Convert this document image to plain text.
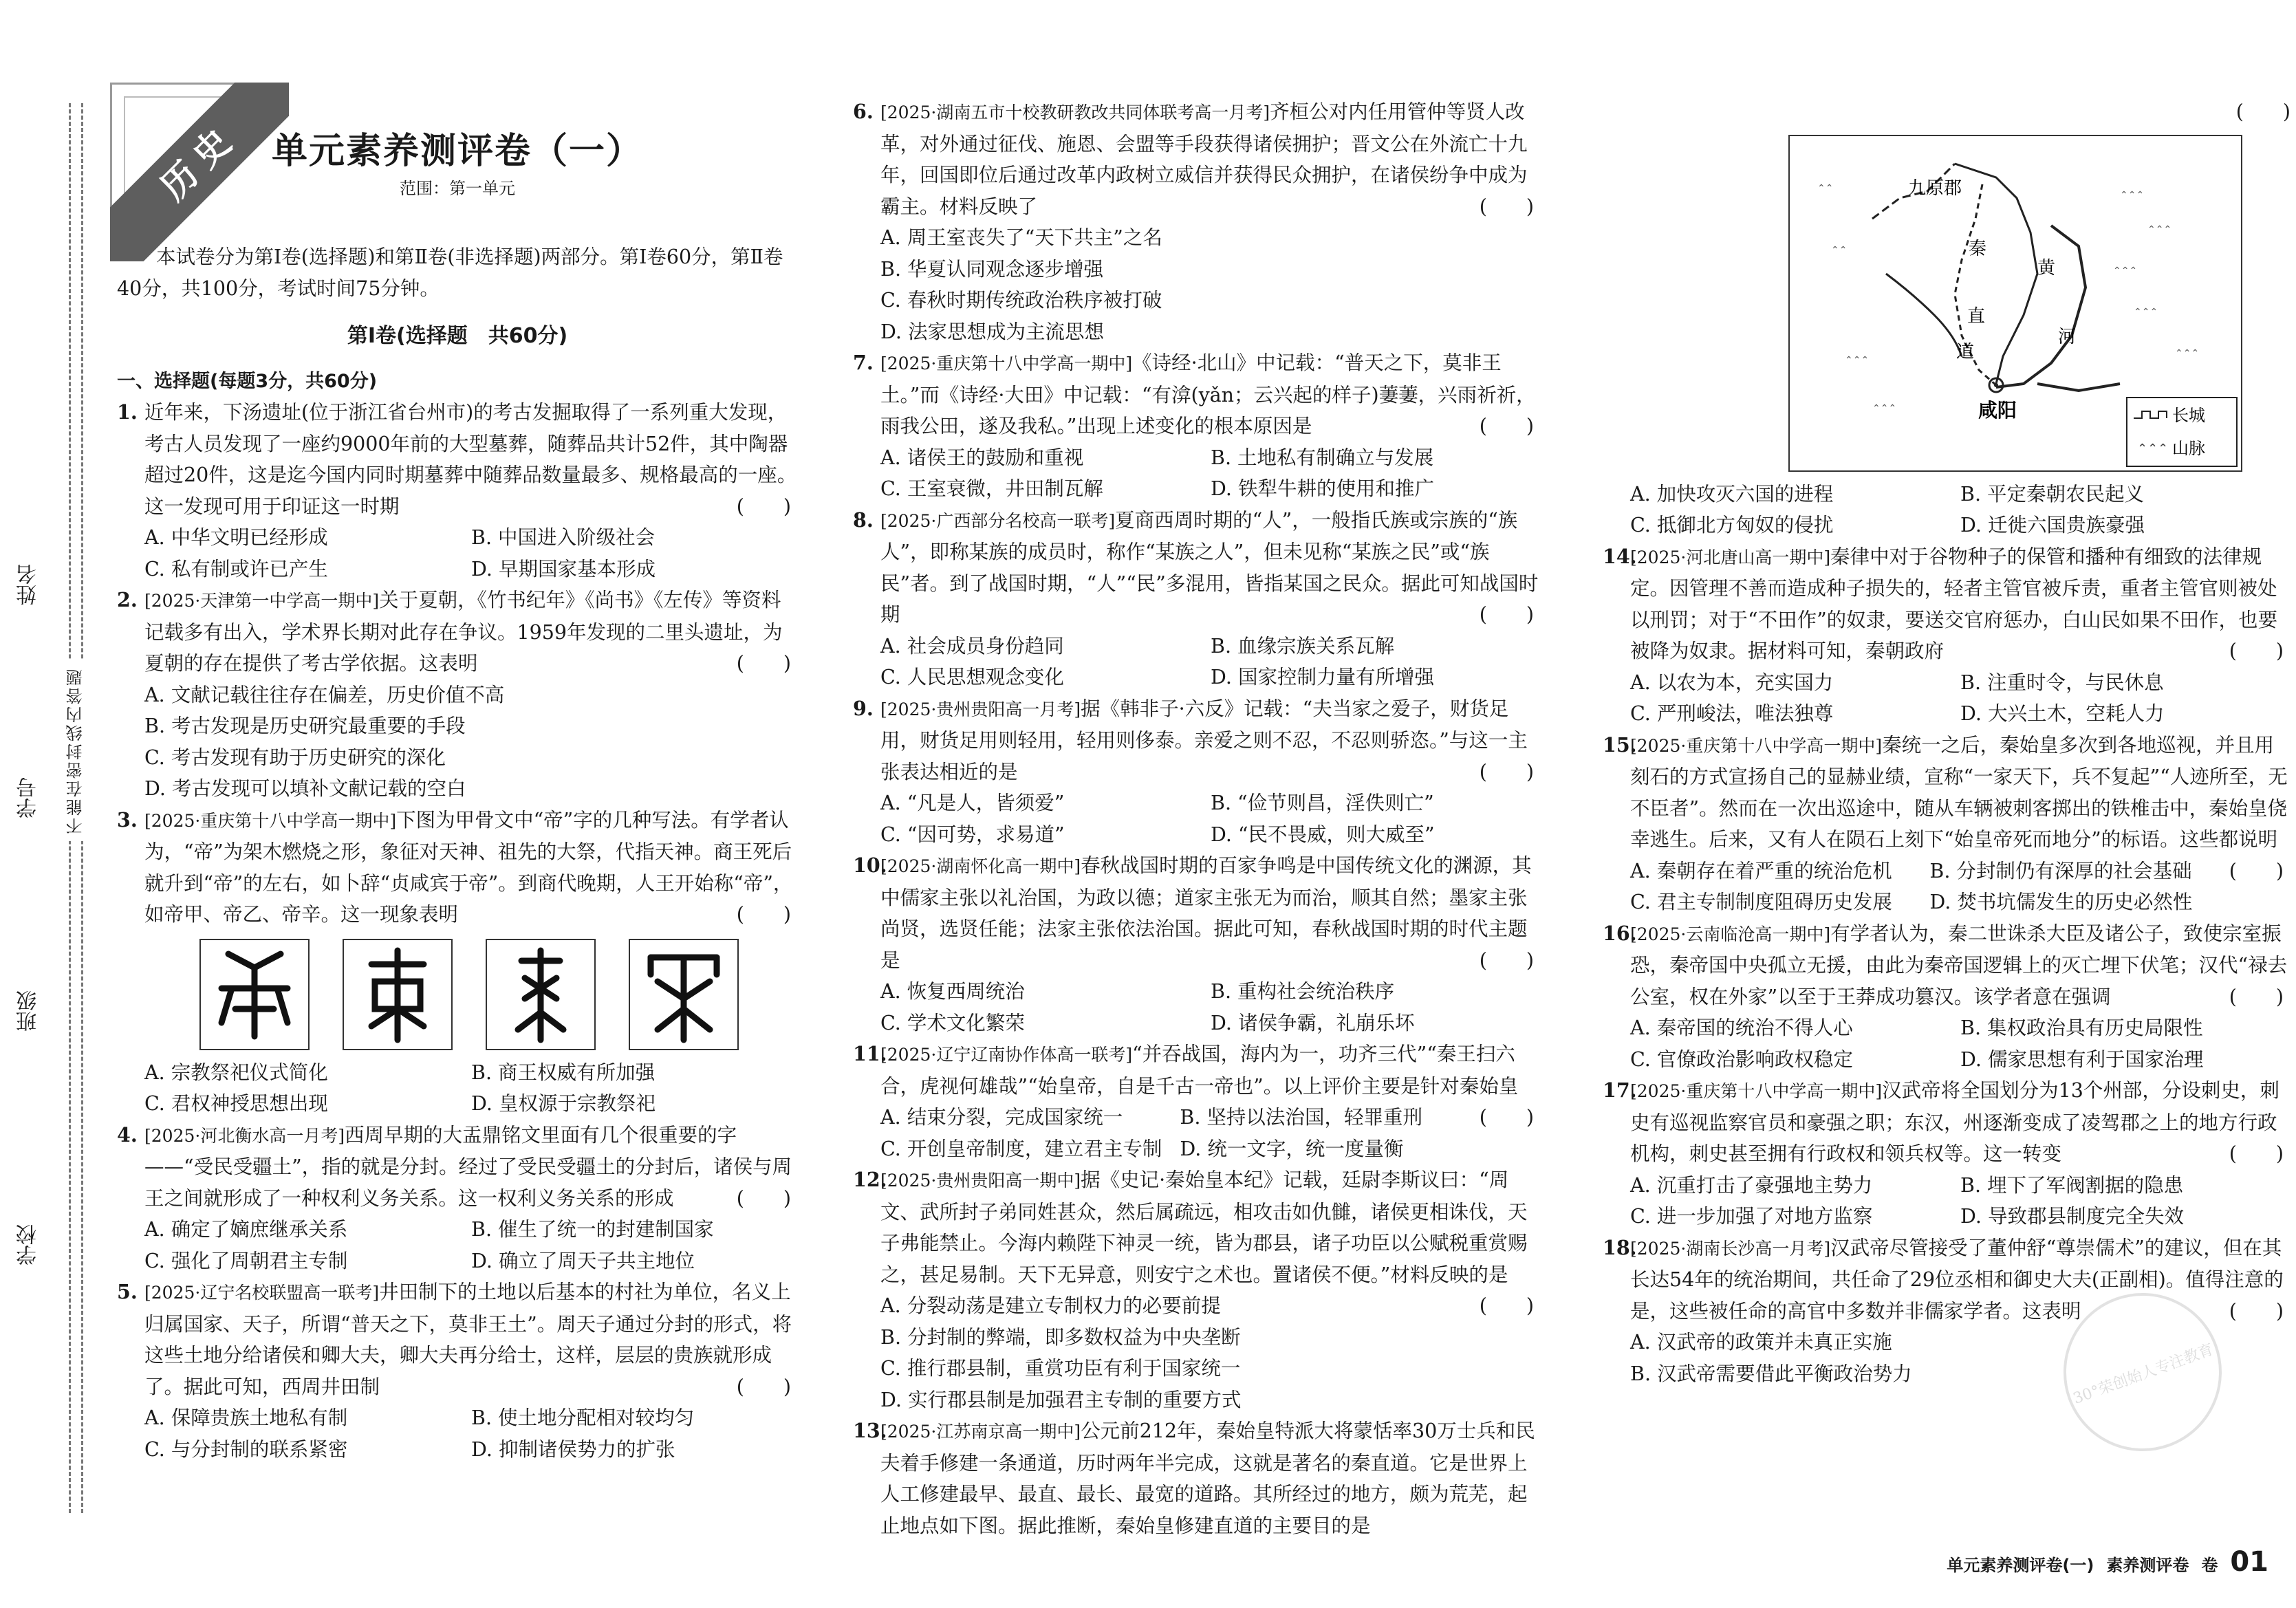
姓名
学号
班级
学校
不能在密封线内答题
历史 单元素养测评卷（一）
范围：第一单元
本试卷分为第Ⅰ卷(选择题)和第Ⅱ卷(非选择题)两部分。第Ⅰ卷60分，第Ⅱ卷40分，共100分，考试时间75分钟。
第Ⅰ卷(选择题　共60分)
一、选择题(每题3分，共60分)
1. 近年来，下汤遗址(位于浙江省台州市)的考古发掘取得了一系列重大发现，考古人员发现了一座约9000年前的大型墓葬，随葬品共计52件，其中陶器超过20件，这是迄今国内同时期墓葬中随葬品数量最多、规格最高的一座。这一发现可用于印证这一时期	(　　)
A. 中华文明已经形成	B. 中国进入阶级社会
C. 私有制或许已产生	D. 早期国家基本形成
2. [2025·天津第一中学高一期中]关于夏朝，《竹书纪年》《尚书》《左传》等资料记载多有出入，学术界长期对此存在争议。1959年发现的二里头遗址，为夏朝的存在提供了考古学依据。这表明	(　　)
A. 文献记载往往存在偏差，历史价值不高
B. 考古发现是历史研究最重要的手段
C. 考古发现有助于历史研究的深化
D. 考古发现可以填补文献记载的空白
3. [2025·重庆第十八中学高一期中]下图为甲骨文中“帝”字的几种写法。有学者认为，“帝”为架木燃烧之形，象征对天神、祖先的大祭，代指天神。商王死后就升到“帝”的左右，如卜辞“贞咸宾于帝”。到商代晚期，人王开始称“帝”，如帝甲、帝乙、帝辛。这一现象表明	(　　)
A. 宗教祭祀仪式简化	B. 商王权威有所加强
C. 君权神授思想出现	D. 皇权源于宗教祭祀
4. [2025·河北衡水高一月考]西周早期的大盂鼎铭文里面有几个很重要的字——“受民受疆土”，指的就是分封。经过了受民受疆土的分封后，诸侯与周王之间就形成了一种权利义务关系。这一权利义务关系的形成	(　　)
A. 确定了嫡庶继承关系	B. 催生了统一的封建制国家
C. 强化了周朝君主专制	D. 确立了周天子共主地位
5. [2025·辽宁名校联盟高一联考]井田制下的土地以后基本的村社为单位，名义上归属国家、天子，所谓“普天之下，莫非王土”。周天子通过分封的形式，将这些土地分给诸侯和卿大夫，卿大夫再分给士，这样，层层的贵族就形成了。据此可知，西周井田制	(　　)
A. 保障贵族土地私有制	B. 使土地分配相对较均匀
C. 与分封制的联系紧密	D. 抑制诸侯势力的扩张
6. [2025·湖南五市十校教研教改共同体联考高一月考]齐桓公对内任用管仲等贤人改革，对外通过征伐、施恩、会盟等手段获得诸侯拥护；晋文公在外流亡十九年，回国即位后通过改革内政树立威信并获得民众拥护，在诸侯纷争中成为霸主。材料反映了	(　　)
A. 周王室丧失了“天下共主”之名
B. 华夏认同观念逐步增强
C. 春秋时期传统政治秩序被打破
D. 法家思想成为主流思想
7. [2025·重庆第十八中学高一期中]《诗经·北山》中记载：“普天之下，莫非王土。”而《诗经·大田》中记载：“有渰(yǎn；云兴起的样子)萋萋，兴雨祈祈，雨我公田，遂及我私。”出现上述变化的根本原因是	(　　)
A. 诸侯王的鼓励和重视	B. 土地私有制确立与发展
C. 王室衰微，井田制瓦解	D. 铁犁牛耕的使用和推广
8. [2025·广西部分名校高一联考]夏商西周时期的“人”，一般指氏族或宗族的“族人”，即称某族的成员时，称作“某族之人”，但未见称“某族之民”或“族民”者。到了战国时期，“人”“民”多混用，皆指某国之民众。据此可知战国时期	(　　)
A. 社会成员身份趋同	B. 血缘宗族关系瓦解
C. 人民思想观念变化	D. 国家控制力量有所增强
9. [2025·贵州贵阳高一月考]据《韩非子·六反》记载：“夫当家之爱子，财货足用，财货足用则轻用，轻用则侈泰。亲爱之则不忍，不忍则骄恣。”与这一主张表达相近的是	(　　)
A. “凡是人，皆须爱”	B. “俭节则昌，淫佚则亡”
C. “因可势，求易道”	D. “民不畏威，则大威至”
10.
[2025·湖南怀化高一期中]春秋战国时期的百家争鸣是中国传统文化的渊源，其中儒家主张以礼治国，为政以德；道家主张无为而治，顺其自然；墨家主张尚贤，选贤任能；法家主张依法治国。据此可知，春秋战国时期的时代主题是	(　　)
A. 恢复西周统治	B. 重构社会统治秩序
C. 学术文化繁荣	D. 诸侯争霸，礼崩乐坏
11.
[2025·辽宁辽南协作体高一联考]“并吞战国，海内为一，功齐三代”“秦王扫六合，虎视何雄哉”“始皇帝，自是千古一帝也”。以上评价主要是针对秦始皇
(　　)
A. 结束分裂，完成国家统一	B. 坚持以法治国，轻罪重刑
C. 开创皇帝制度，建立君主专制 D. 统一文字，统一度量衡
12.
[2025·贵州贵阳高一期中]据《史记·秦始皇本纪》记载，廷尉李斯议曰：“周文、武所封子弟同姓甚众，然后属疏远，相攻击如仇雠，诸侯更相诛伐，天子弗能禁止。今海内赖陛下神灵一统，皆为郡县，诸子功臣以公赋税重赏赐之，甚足易制。天下无异意，则安宁之术也。置诸侯不便。”材料反映的是
(　　)
A. 分裂动荡是建立专制权力的必要前提
B. 分封制的弊端，即多数权益为中央垄断
C. 推行郡县制，重赏功臣有利于国家统一
D. 实行郡县制是加强君主专制的重要方式
13.
[2025·江苏南京高一期中]公元前212年，秦始皇特派大将蒙恬率30万士兵和民夫着手修建一条通道，历时两年半完成，这就是著名的秦直道。它是世界上人工修建最早、最直、最长、最宽的道路。其所经过的地方，颇为荒芜，起止地点如下图。据此推断，秦始皇修建直道的主要目的是
(　　)
⌃⌃⌃
⌃⌃⌃
⌃⌃⌃
⌃⌃⌃
⌃⌃⌃
⌃⌃⌃
⌃⌃
⌃⌃
⌃⌃⌃
九原郡
秦
直
道
咸阳
黄
河
长城
⌃⌃⌃ 山脉
A. 加快攻灭六国的进程	B. 平定秦朝农民起义
C. 抵御北方匈奴的侵扰	D. 迁徙六国贵族豪强
14.
[2025·河北唐山高一期中]秦律中对于谷物种子的保管和播种有细致的法律规定。因管理不善而造成种子损失的，轻者主管官被斥责，重者主管官则被处以刑罚；对于“不田作”的奴隶，要送交官府惩办，白山民如果不田作，也要被降为奴隶。据材料可知，秦朝政府	(　　)
A. 以农为本，充实国力	B. 注重时令，与民休息
C. 严刑峻法，唯法独尊	D. 大兴土木，空耗人力
15.
[2025·重庆第十八中学高一期中]秦统一之后，秦始皇多次到各地巡视，并且用刻石的方式宣扬自己的显赫业绩，宣称“一家天下，兵不复起”“人迹所至，无不臣者”。然而在一次出巡途中，随从车辆被刺客掷出的铁椎击中，秦始皇侥幸逃生。后来，又有人在陨石上刻下“始皇帝死而地分”的标语。这些都说明
(　　)
A. 秦朝存在着严重的统治危机	B. 分封制仍有深厚的社会基础
C. 君主专制制度阻碍历史发展	D. 焚书坑儒发生的历史必然性
16.
[2025·云南临沧高一期中]有学者认为，秦二世诛杀大臣及诸公子，致使宗室振恐，秦帝国中央孤立无援，由此为秦帝国逻辑上的灭亡埋下伏笔；汉代“禄去公室，权在外家”以至于王莽成功篡汉。该学者意在强调	(　　)
A. 秦帝国的统治不得人心	B. 集权政治具有历史局限性
C. 官僚政治影响政权稳定	D. 儒家思想有利于国家治理
17.
[2025·重庆第十八中学高一期中]汉武帝将全国划分为13个州部，分设刺史，刺史有巡视监察官员和豪强之职；东汉，州逐渐变成了凌驾郡之上的地方行政机构，刺史甚至拥有行政权和领兵权等。这一转变	(　　)
A. 沉重打击了豪强地主势力	B. 埋下了军阀割据的隐患
C. 进一步加强了对地方监察	D. 导致郡县制度完全失效
18.
[2025·湖南长沙高一月考]汉武帝尽管接受了董仲舒“尊崇儒术”的建议，但在其长达54年的统治期间，共任命了29位丞相和御史大夫(正副相)。值得注意的是，这些被任命的高官中多数并非儒家学者。这表明	(　　)
A. 汉武帝的政策并未真正实施
B. 汉武帝需要借此平衡政治势力	30°荣创始人专注教育
单元素养测评卷(一) 素养测评卷 卷 01
